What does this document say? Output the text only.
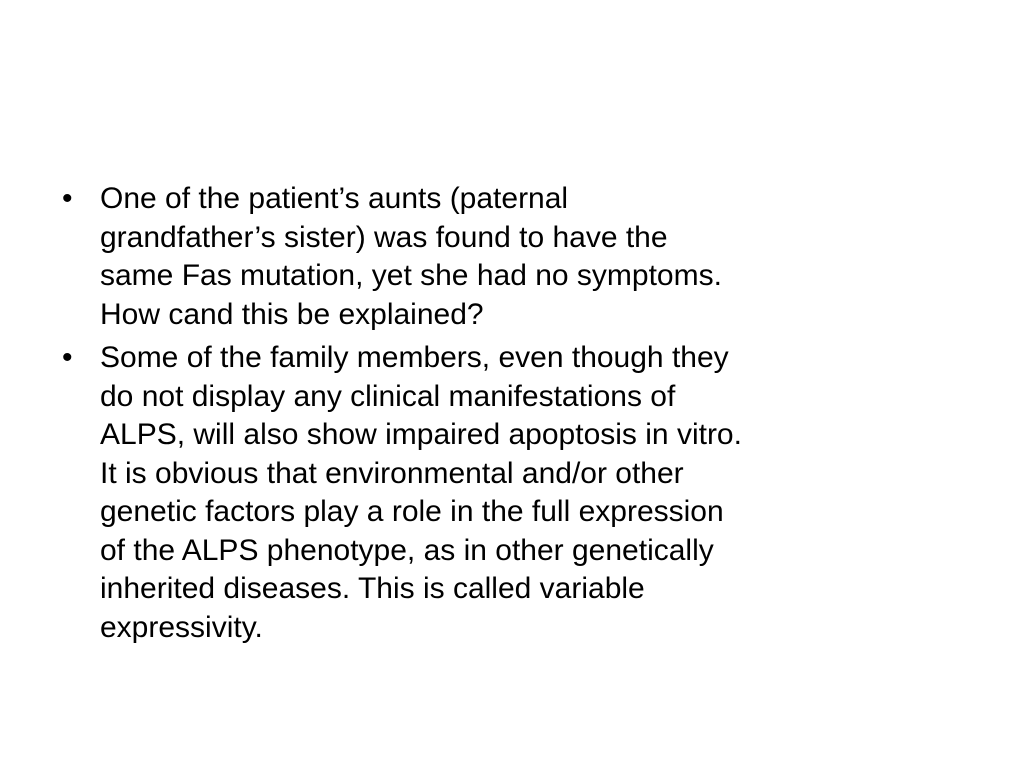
• One of the patient’s aunts (paternal
grandfather’s sister) was found to have the
same Fas mutation, yet she had no symptoms.
How cand this be explained?
• Some of the family members, even though they
do not display any clinical manifestations of
ALPS, will also show impaired apoptosis in vitro.
It is obvious that environmental and/or other
genetic factors play a role in the full expression
of the ALPS phenotype, as in other genetically
inherited diseases. This is called variable
expressivity.
